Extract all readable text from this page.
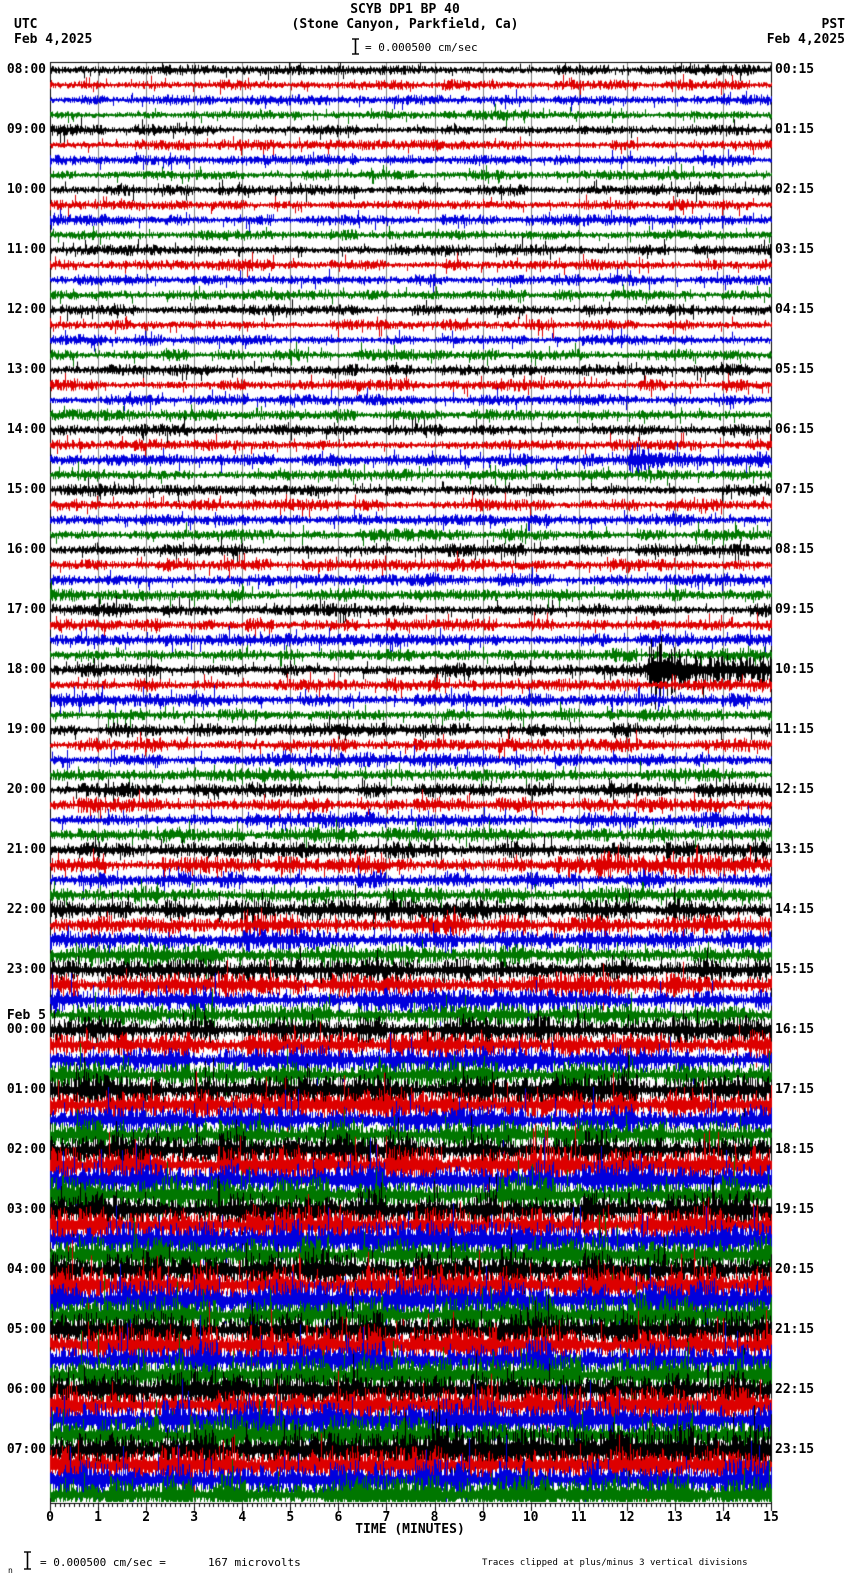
SCYB DP1 BP 40
(Stone Canyon, Parkfield, Ca)
UTC
Feb 4,2025
PST
Feb 4,2025
= 0.000500 cm/sec
08:00	00:15
09:00	01:15
10:00	02:15
11:00	03:15
12:00	04:15
13:00	05:15
14:00	06:15
15:00	07:15
16:00	08:15
17:00	09:15
18:00	10:15
19:00	11:15
20:00	12:15
21:00	13:15
22:00	14:15
23:00	15:15
Feb 5
00:00	16:15
01:00	17:15
02:00	18:15
03:00	19:15
04:00	20:15
05:00	21:15
06:00	22:15
07:00	23:15
0	1	2	3	4	5	6	7	8	9	10 11 12 13 14 15
TIME (MINUTES)
n
= 0.000500 cm/sec =	167 microvolts	Traces clipped at plus/minus 3 vertical divisions
